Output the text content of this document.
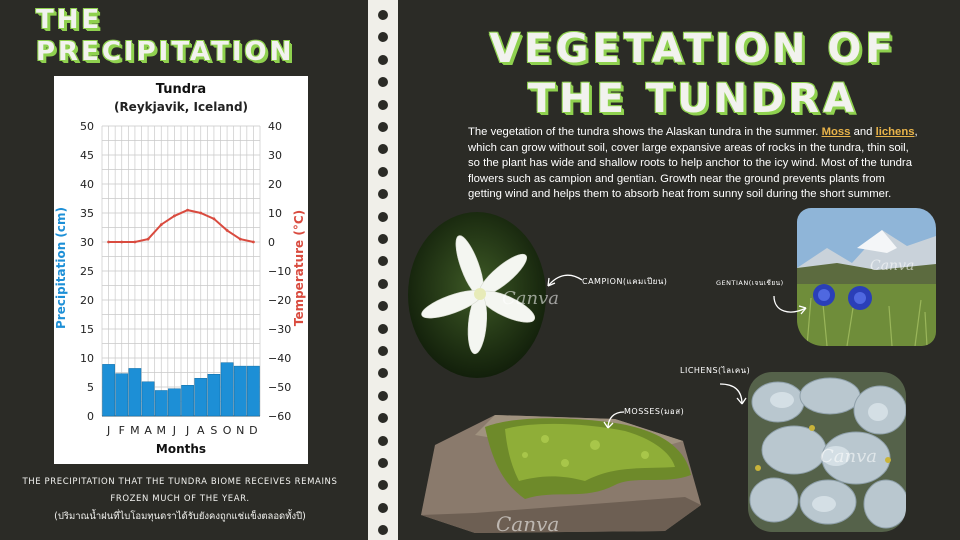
THE PRECIPITATION
Tundra
(Reykjavik, Iceland)
0
5
10
15
20
25
30
35
40
45
50
−60
−50
−40
−30
−20
−10
0
10
20
30
40
J F M A M J J A S O N D
Months
Precipitation (cm)	Temperature (°C)
THE PRECIPITATION THAT THE TUNDRA BIOME RECEIVES REMAINS
FROZEN MUCH OF THE YEAR.
(ปริมาณน้ำฝนที่ไบโอมทุนดราได้รับยังคงถูกแช่แข็งตลอดทั้งปี)
VEGETATION OF
THE TUNDRA

The vegetation of the tundra shows the Alaskan tundra in the summer. Moss and lichens, which can grow without soil, cover large expansive areas of rocks in the tundra, thin soil, so the plant has wide and shallow roots to help anchor to the icy wind. Most of the tundra flowers such as campion and gentian. Growth near the ground prevents plants from getting wind and helps them to absorb heat from sunny soil during the short summer.

Canva
CAMPION(แคมเปียน)
Canva
GENTIAN(เจนเชียน)
Canva
LICHENS(ไลเคน)
Canva
MOSSES(มอส)
